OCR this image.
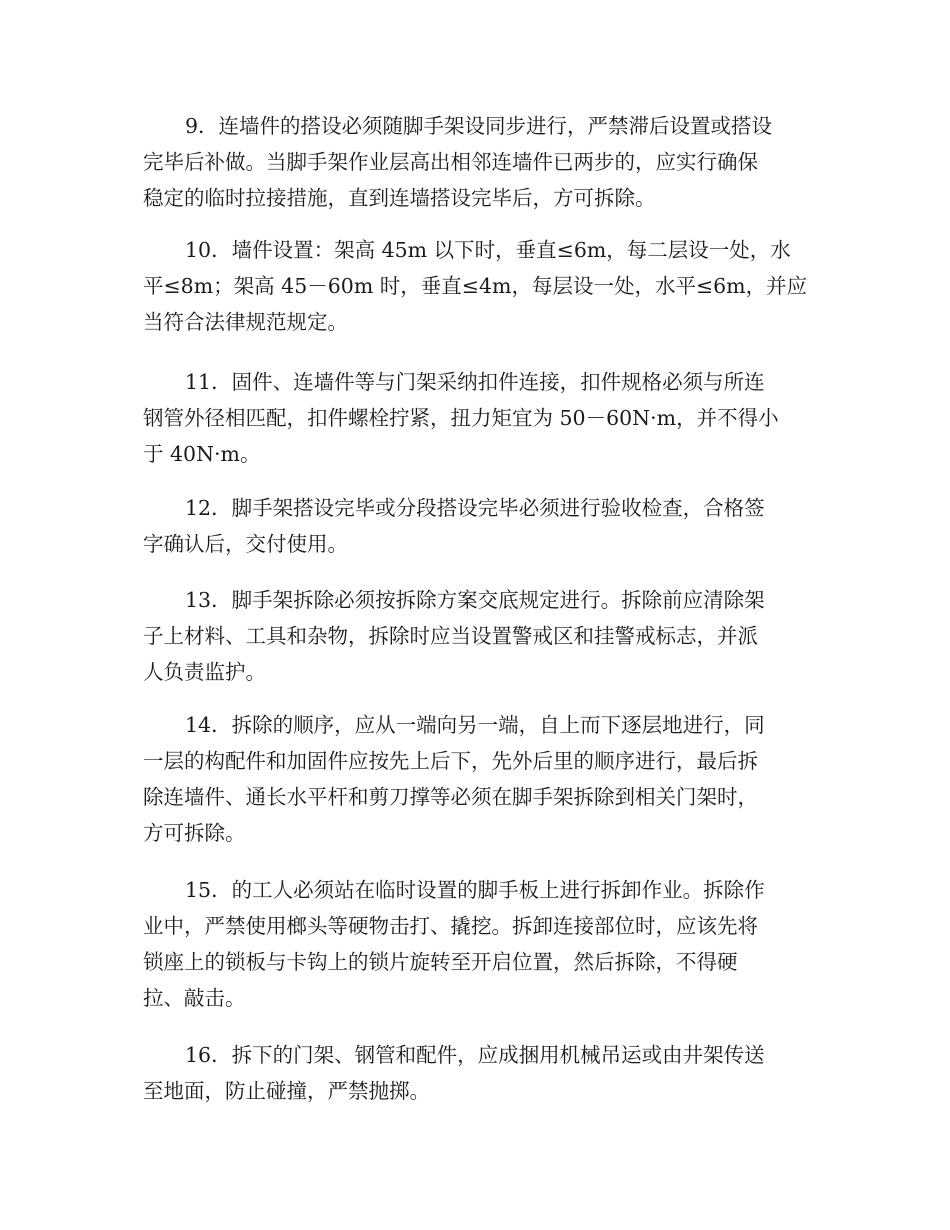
9．连墙件的搭设必须随脚手架设同步进行，严禁滞后设置或搭设
完毕后补做。当脚手架作业层高出相邻连墙件已两步的，应实行确保
稳定的临时拉接措施，直到连墙搭设完毕后，方可拆除。

10．墙件设置：架高 45m 以下时，垂直≤6m，每二层设一处，水
平≤8m；架高 45－60m 时，垂直≤4m，每层设一处，水平≤6m，并应
当符合法律规范规定。

11．固件、连墙件等与门架采纳扣件连接，扣件规格必须与所连
钢管外径相匹配，扣件螺栓拧紧，扭力矩宜为 50－60N·m，并不得小
于 40N·m。

12．脚手架搭设完毕或分段搭设完毕必须进行验收检查，合格签
字确认后，交付使用。

13．脚手架拆除必须按拆除方案交底规定进行。拆除前应清除架
子上材料、工具和杂物，拆除时应当设置警戒区和挂警戒标志，并派
人负责监护。

14．拆除的顺序，应从一端向另一端，自上而下逐层地进行，同
一层的构配件和加固件应按先上后下，先外后里的顺序进行，最后拆
除连墙件、通长水平杆和剪刀撑等必须在脚手架拆除到相关门架时，
方可拆除。

15．的工人必须站在临时设置的脚手板上进行拆卸作业。拆除作
业中，严禁使用榔头等硬物击打、撬挖。拆卸连接部位时，应该先将
锁座上的锁板与卡钩上的锁片旋转至开启位置，然后拆除，不得硬
拉、敲击。

16．拆下的门架、钢管和配件，应成捆用机械吊运或由井架传送
至地面，防止碰撞，严禁抛掷。
